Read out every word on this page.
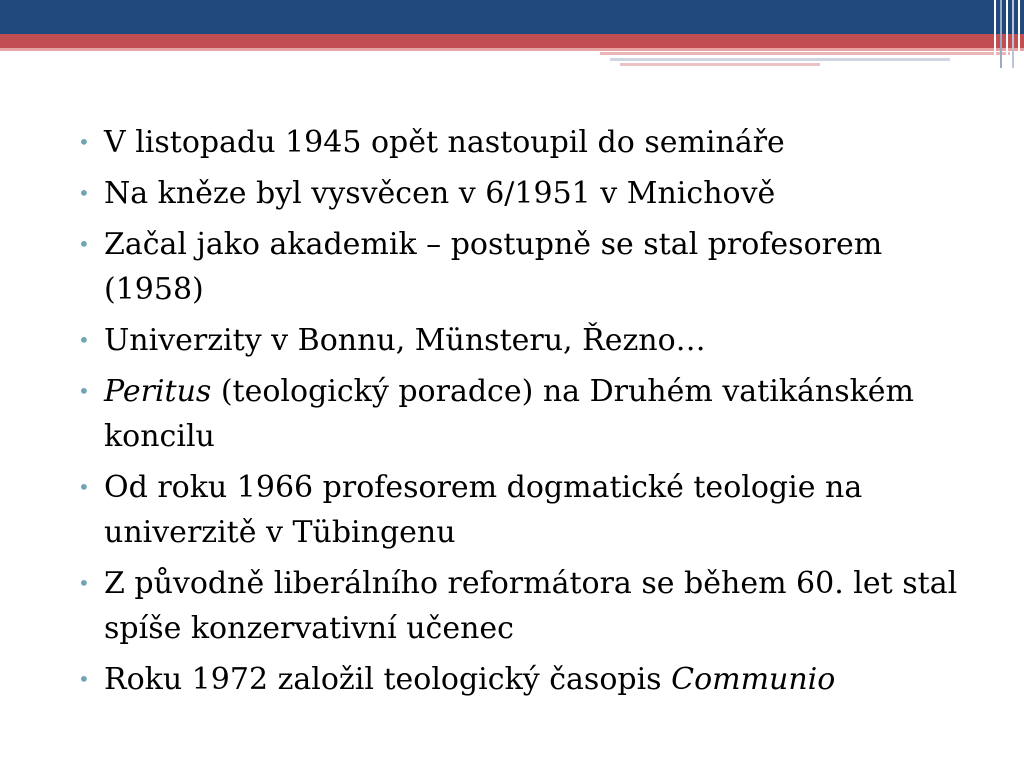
• V listopadu 1945 opět nastoupil do semináře
• Na kněze byl vysvěcen v 6/1951 v Mnichově
• Začal jako akademik – postupně se stal profesorem (1958)
• Univerzity v Bonnu, Münsteru, Řezno…
• Peritus (teologický poradce) na Druhém vatikánském koncilu
• Od roku 1966 profesorem dogmatické teologie na univerzitě v Tübingenu
• Z původně liberálního reformátora se během 60. let stal spíše konzervativní učenec
• Roku 1972 založil teologický časopis Communio
